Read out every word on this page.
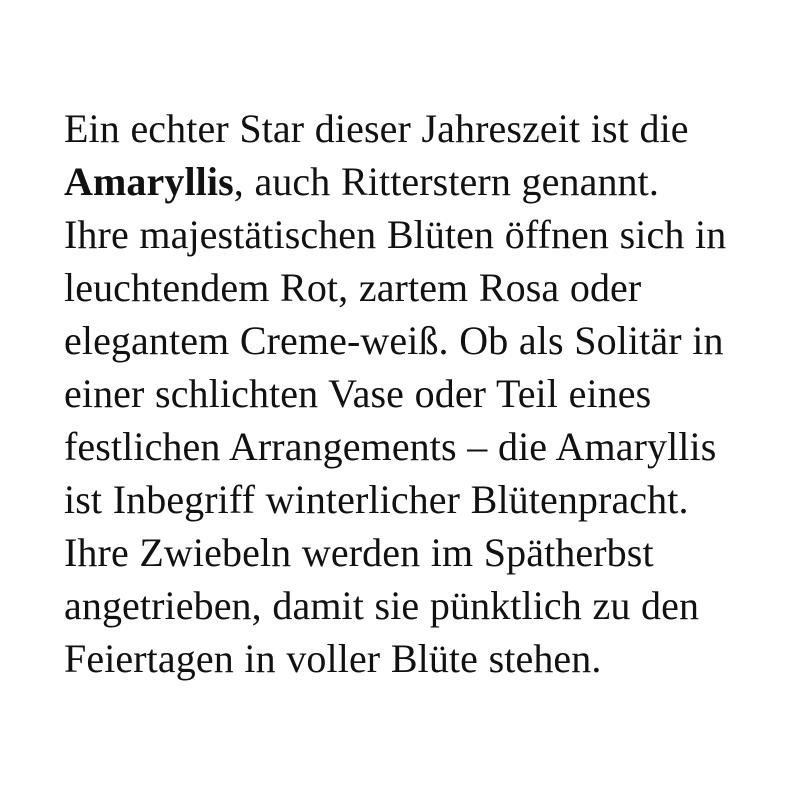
Ein echter Star dieser Jahreszeit ist die Amaryllis, auch Ritterstern genannt. Ihre majestätischen Blüten öffnen sich in leuchtendem Rot, zartem Rosa oder elegantem Creme-weiß. Ob als Solitär in einer schlichten Vase oder Teil eines festlichen Arrangements – die Amaryllis ist Inbegriff winterlicher Blütenpracht. Ihre Zwiebeln werden im Spätherbst angetrieben, damit sie pünktlich zu den Feiertagen in voller Blüte stehen.
